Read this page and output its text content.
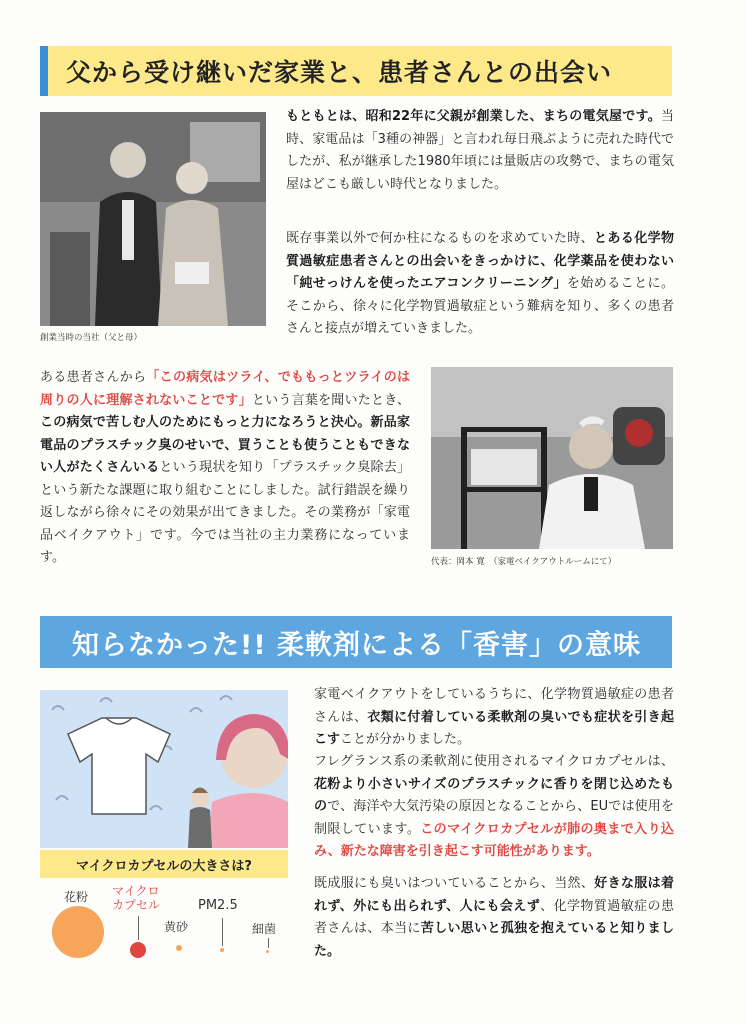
父から受け継いだ家業と、患者さんとの出会い
創業当時の当社（父と母）

もともとは、昭和22年に父親が創業した、まちの電気屋です。当時、家電品は「3種の神器」と言われ毎日飛ぶように売れた時代でしたが、私が継承した1980年頃には量販店の攻勢で、まちの電気屋はどこも厳しい時代となりました。

既存事業以外で何か柱になるものを求めていた時、とある化学物質過敏症患者さんとの出会いをきっかけに、化学薬品を使わない「純せっけんを使ったエアコンクリーニング」を始めることに。そこから、徐々に化学物質過敏症という難病を知り、多くの患者さんと接点が増えていきました。

ある患者さんから「この病気はツライ、でももっとツライのは周りの人に理解されないことです」という言葉を聞いたとき、この病気で苦しむ人のためにもっと力になろうと決心。新品家電品のプラスチック臭のせいで、買うことも使うこともできない人がたくさんいるという現状を知り「プラスチック臭除去」という新たな課題に取り組むことにしました。試行錯誤を繰り返しながら徐々にその効果が出てきました。その業務が「家電品ベイクアウト」です。今では当社の主力業務になっています。	代表：岡本 寛　（家電ベイクアウトルームにて）
知らなかった!! 柔軟剤による「香害」の意味
マイクロカプセルの大きさは?
花粉 マイクロ
カプセル
黄砂
PM2.5
細菌

家電ベイクアウトをしているうちに、化学物質過敏症の患者さんは、衣類に付着している柔軟剤の臭いでも症状を引き起こすことが分かりました。

フレグランス系の柔軟剤に使用されるマイクロカプセルは、花粉より小さいサイズのプラスチックに香りを閉じ込めたもので、海洋や大気汚染の原因となることから、EUでは使用を制限しています。このマイクロカプセルが肺の奥まで入り込み、新たな障害を引き起こす可能性があります。

既成服にも臭いはついていることから、当然、好きな服は着れず、外にも出られず、人にも会えず、化学物質過敏症の患者さんは、本当に苦しい思いと孤独を抱えていると知りました。
